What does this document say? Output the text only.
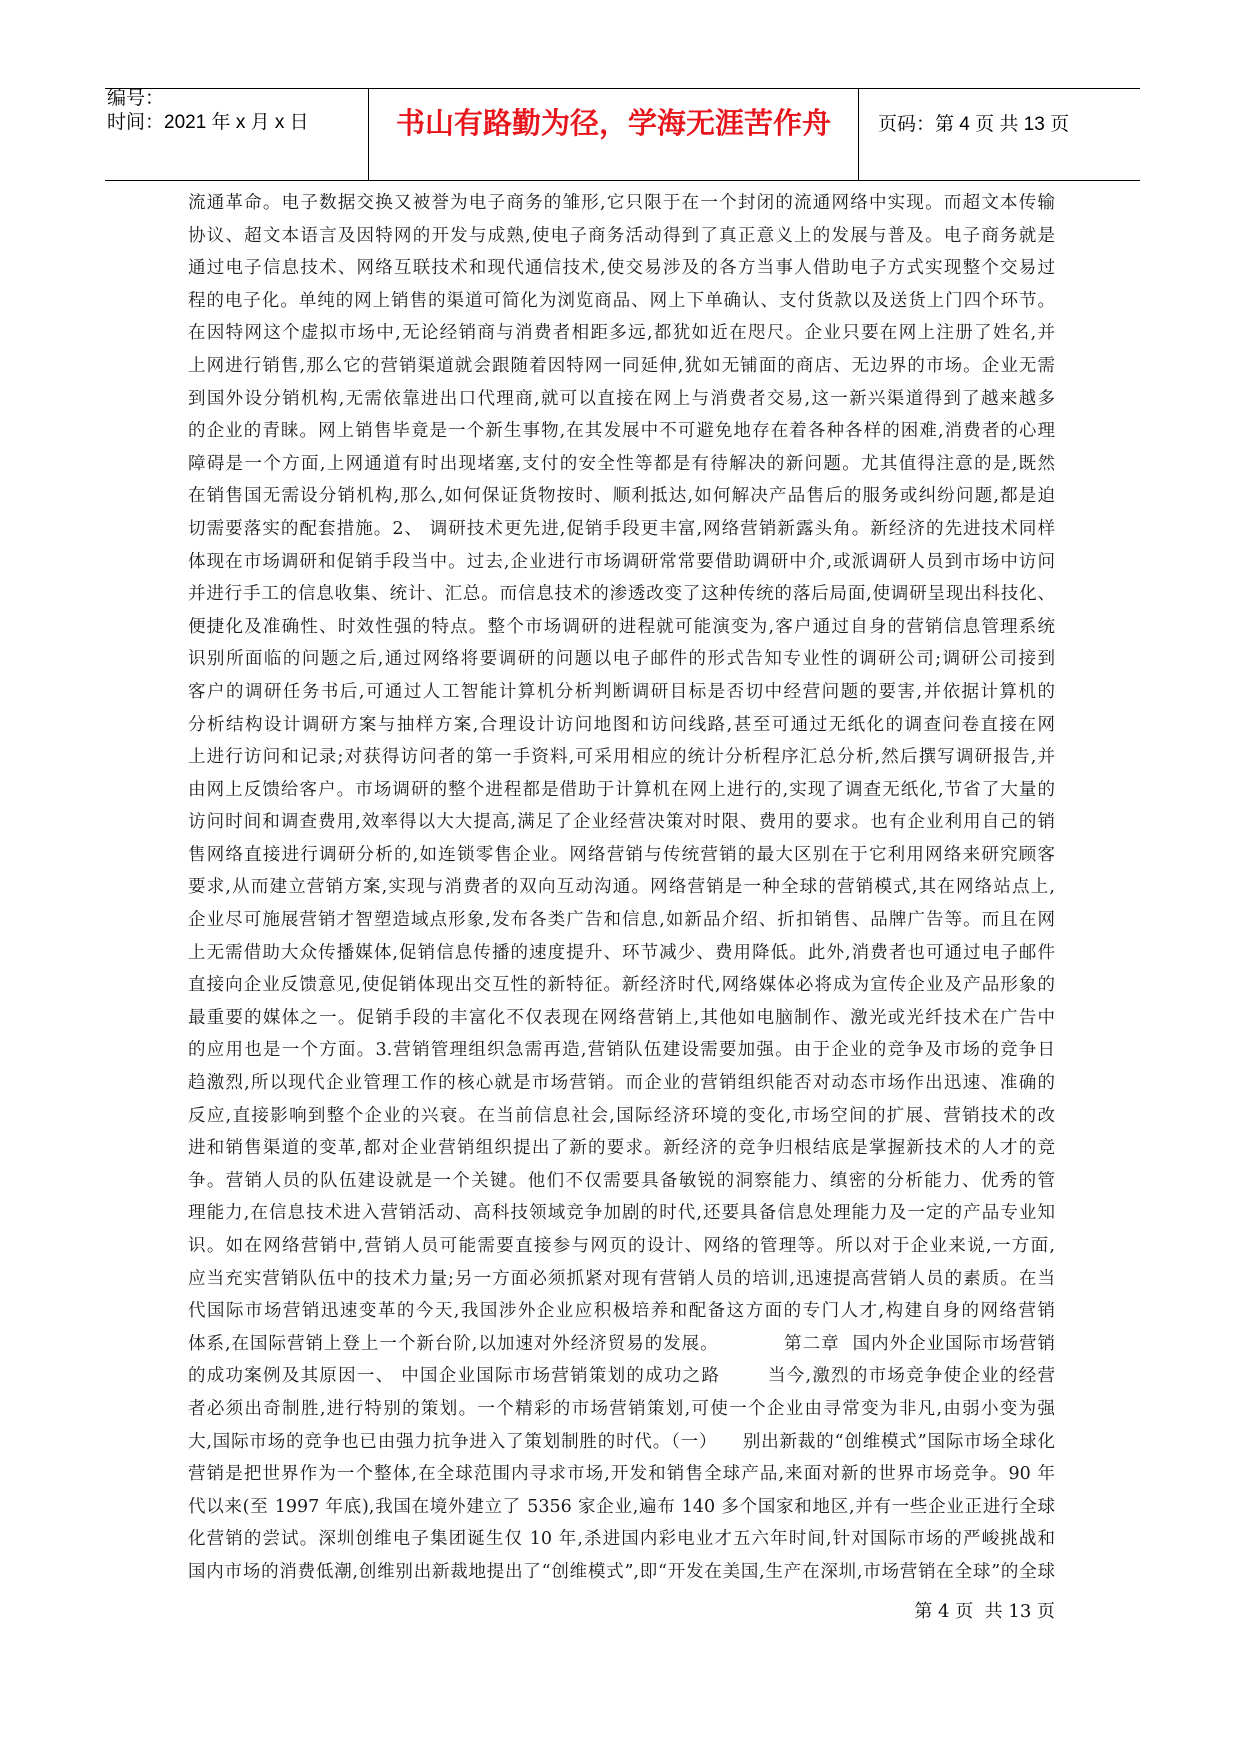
编号：
时间：2021 年 x 月 x 日	书山有路勤为径，学海无涯苦作舟	页码：第 4 页 共 13 页
流通革命。电子数据交换又被誉为电子商务的雏形,它只限于在一个封闭的流通网络中实现。而超文本传输
协议、超文本语言及因特网的开发与成熟,使电子商务活动得到了真正意义上的发展与普及。电子商务就是
通过电子信息技术、网络互联技术和现代通信技术,使交易涉及的各方当事人借助电子方式实现整个交易过
程的电子化。单纯的网上销售的渠道可简化为浏览商品、网上下单确认、支付货款以及送货上门四个环节。
在因特网这个虚拟市场中,无论经销商与消费者相距多远,都犹如近在咫尺。企业只要在网上注册了姓名,并
上网进行销售,那么它的营销渠道就会跟随着因特网一同延伸,犹如无铺面的商店、无边界的市场。企业无需
到国外设分销机构,无需依靠进出口代理商,就可以直接在网上与消费者交易,这一新兴渠道得到了越来越多
的企业的青睐。网上销售毕竟是一个新生事物,在其发展中不可避免地存在着各种各样的困难,消费者的心理
障碍是一个方面,上网通道有时出现堵塞,支付的安全性等都是有待解决的新问题。尤其值得注意的是,既然
在销售国无需设分销机构,那么,如何保证货物按时、顺利抵达,如何解决产品售后的服务或纠纷问题,都是迫
切需要落实的配套措施。2、 调研技术更先进,促销手段更丰富,网络营销新露头角。新经济的先进技术同样
体现在市场调研和促销手段当中。过去,企业进行市场调研常常要借助调研中介,或派调研人员到市场中访问
并进行手工的信息收集、统计、汇总。而信息技术的渗透改变了这种传统的落后局面,使调研呈现出科技化、
便捷化及准确性、时效性强的特点。整个市场调研的进程就可能演变为,客户通过自身的营销信息管理系统
识别所面临的问题之后,通过网络将要调研的问题以电子邮件的形式告知专业性的调研公司;调研公司接到
客户的调研任务书后,可通过人工智能计算机分析判断调研目标是否切中经营问题的要害,并依据计算机的
分析结构设计调研方案与抽样方案,合理设计访问地图和访问线路,甚至可通过无纸化的调查问卷直接在网
上进行访问和记录;对获得访问者的第一手资料,可采用相应的统计分析程序汇总分析,然后撰写调研报告,并
由网上反馈给客户。市场调研的整个进程都是借助于计算机在网上进行的,实现了调查无纸化,节省了大量的
访问时间和调查费用,效率得以大大提高,满足了企业经营决策对时限、费用的要求。也有企业利用自己的销
售网络直接进行调研分析的,如连锁零售企业。网络营销与传统营销的最大区别在于它利用网络来研究顾客
要求,从而建立营销方案,实现与消费者的双向互动沟通。网络营销是一种全球的营销模式,其在网络站点上,
企业尽可施展营销才智塑造域点形象,发布各类广告和信息,如新品介绍、折扣销售、品牌广告等。而且在网
上无需借助大众传播媒体,促销信息传播的速度提升、环节减少、费用降低。此外,消费者也可通过电子邮件
直接向企业反馈意见,使促销体现出交互性的新特征。新经济时代,网络媒体必将成为宣传企业及产品形象的
最重要的媒体之一。促销手段的丰富化不仅表现在网络营销上,其他如电脑制作、激光或光纤技术在广告中
的应用也是一个方面。3.营销管理组织急需再造,营销队伍建设需要加强。由于企业的竞争及市场的竞争日
趋激烈,所以现代企业管理工作的核心就是市场营销。而企业的营销组织能否对动态市场作出迅速、准确的
反应,直接影响到整个企业的兴衰。在当前信息社会,国际经济环境的变化,市场空间的扩展、营销技术的改
进和销售渠道的变革,都对企业营销组织提出了新的要求。新经济的竞争归根结底是掌握新技术的人才的竞
争。营销人员的队伍建设就是一个关键。他们不仅需要具备敏锐的洞察能力、缜密的分析能力、优秀的管
理能力,在信息技术进入营销活动、高科技领域竞争加剧的时代,还要具备信息处理能力及一定的产品专业知
识。如在网络营销中,营销人员可能需要直接参与网页的设计、网络的管理等。所以对于企业来说,一方面,
应当充实营销队伍中的技术力量;另一方面必须抓紧对现有营销人员的培训,迅速提高营销人员的素质。在当
代国际市场营销迅速变革的今天,我国涉外企业应积极培养和配备这方面的专门人才,构建自身的网络营销
体系,在国际营销上登上一个新台阶,以加速对外经济贸易的发展。          第二章  国内外企业国际市场营销
的成功案例及其原因一、 中国企业国际市场营销策划的成功之路       当今,激烈的市场竞争使企业的经营
者必须出奇制胜,进行特别的策划。一个精彩的市场营销策划,可使一个企业由寻常变为非凡,由弱小变为强
大,国际市场的竞争也已由强力抗争进入了策划制胜的时代。（一）    别出新裁的“创维模式”国际市场全球化
营销是把世界作为一个整体,在全球范围内寻求市场,开发和销售全球产品,来面对新的世界市场竞争。90 年
代以来(至 1997 年底),我国在境外建立了 5356 家企业,遍布 140 多个国家和地区,并有一些企业正进行全球
化营销的尝试。深圳创维电子集团诞生仅 10 年,杀进国内彩电业才五六年时间,针对国际市场的严峻挑战和
国内市场的消费低潮,创维别出新裁地提出了“创维模式”,即“开发在美国,生产在深圳,市场营销在全球”的全球
第 4 页  共 13 页
